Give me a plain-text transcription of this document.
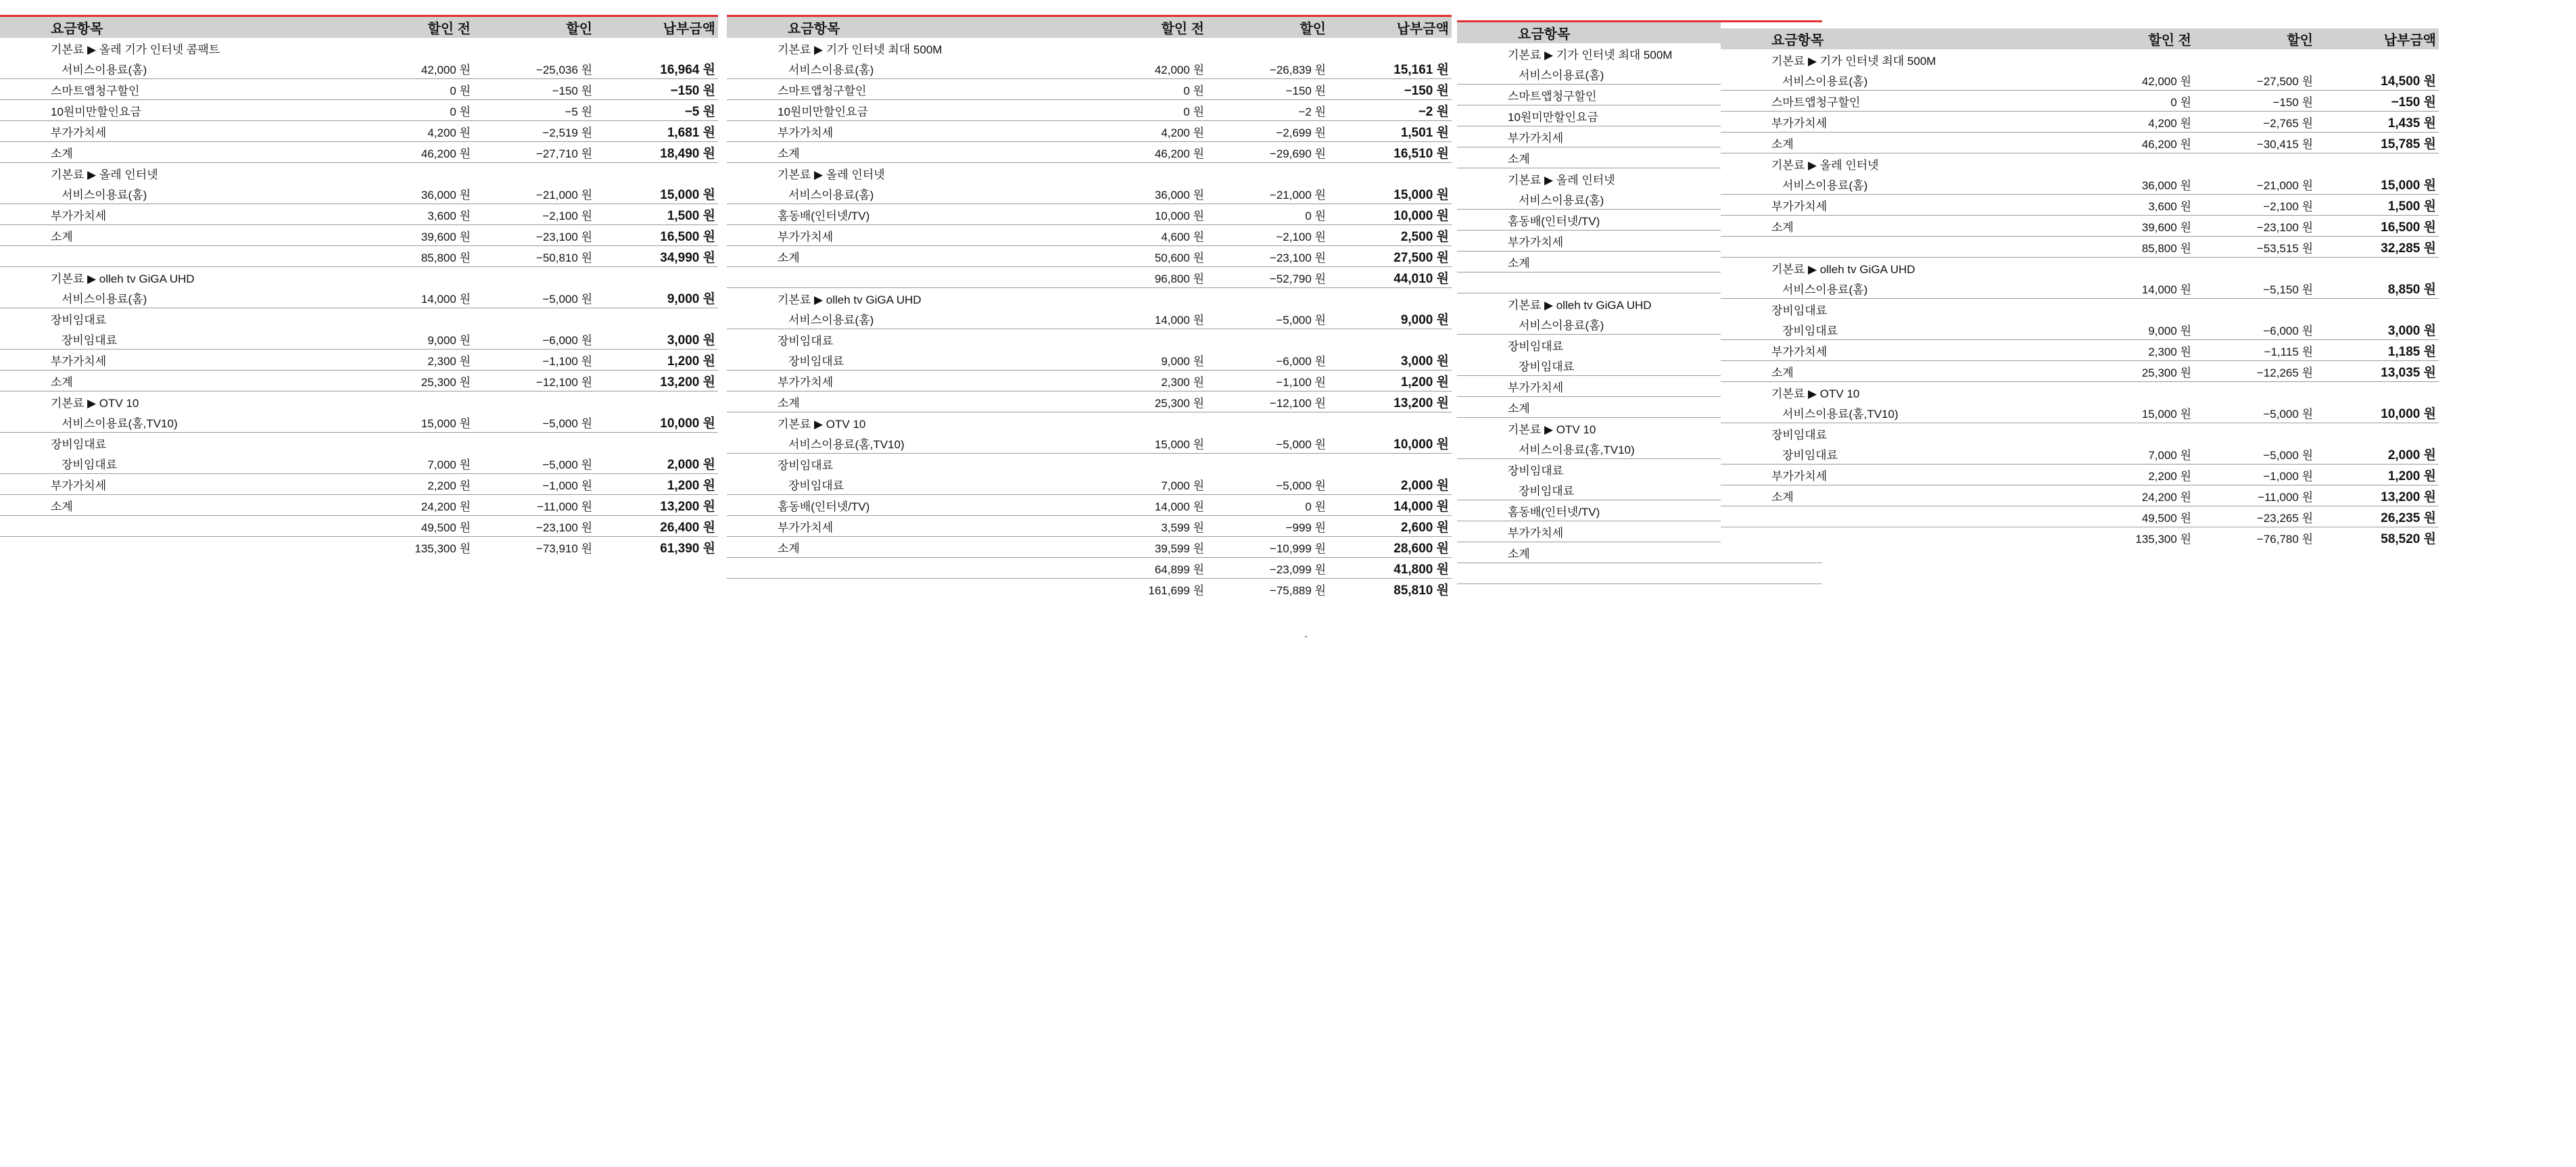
요금항목	할인 전	할인	납부금액
기본료 ▶ 올레 기가 인터넷 콤팩트			
서비스이용료(홈)	42,000 원	−25,036 원	16,964 원
스마트앱청구할인	0 원	−150 원	−150 원
10원미만할인요금	0 원	−5 원	−5 원
부가가치세	4,200 원	−2,519 원	1,681 원
소계	46,200 원	−27,710 원	18,490 원
기본료 ▶ 올레 인터넷			
서비스이용료(홈)	36,000 원	−21,000 원	15,000 원
부가가치세	3,600 원	−2,100 원	1,500 원
소계	39,600 원	−23,100 원	16,500 원
	85,800 원	−50,810 원	34,990 원
기본료 ▶ olleh tv GiGA UHD			
서비스이용료(홈)	14,000 원	−5,000 원	9,000 원
장비임대료			
장비임대료	9,000 원	−6,000 원	3,000 원
부가가치세	2,300 원	−1,100 원	1,200 원
소계	25,300 원	−12,100 원	13,200 원
기본료 ▶ OTV 10			
서비스이용료(홈,TV10)	15,000 원	−5,000 원	10,000 원
장비임대료			
장비임대료	7,000 원	−5,000 원	2,000 원
부가가치세	2,200 원	−1,000 원	1,200 원
소계	24,200 원	−11,000 원	13,200 원
	49,500 원	−23,100 원	26,400 원
	135,300 원	−73,910 원	61,390 원
요금항목	할인 전	할인	납부금액
기본료 ▶ 기가 인터넷 최대 500M			
서비스이용료(홈)	42,000 원	−26,839 원	15,161 원
스마트앱청구할인	0 원	−150 원	−150 원
10원미만할인요금	0 원	−2 원	−2 원
부가가치세	4,200 원	−2,699 원	1,501 원
소계	46,200 원	−29,690 원	16,510 원
기본료 ▶ 올레 인터넷			
서비스이용료(홈)	36,000 원	−21,000 원	15,000 원
홈동배(인터넷/TV)	10,000 원	0 원	10,000 원
부가가치세	4,600 원	−2,100 원	2,500 원
소계	50,600 원	−23,100 원	27,500 원
	96,800 원	−52,790 원	44,010 원
기본료 ▶ olleh tv GiGA UHD			
서비스이용료(홈)	14,000 원	−5,000 원	9,000 원
장비임대료			
장비임대료	9,000 원	−6,000 원	3,000 원
부가가치세	2,300 원	−1,100 원	1,200 원
소계	25,300 원	−12,100 원	13,200 원
기본료 ▶ OTV 10			
서비스이용료(홈,TV10)	15,000 원	−5,000 원	10,000 원
장비임대료			
장비임대료	7,000 원	−5,000 원	2,000 원
홈동배(인터넷/TV)	14,000 원	0 원	14,000 원
부가가치세	3,599 원	−999 원	2,600 원
소계	39,599 원	−10,999 원	28,600 원
	64,899 원	−23,099 원	41,800 원
	161,699 원	−75,889 원	85,810 원
요금항목			
기본료 ▶ 기가 인터넷 최대 500M			
서비스이용료(홈)			
스마트앱청구할인			
10원미만할인요금			
부가가치세			
소계			
기본료 ▶ 올레 인터넷			
서비스이용료(홈)			
홈동배(인터넷/TV)			
부가가치세			
소계			

기본료 ▶ olleh tv GiGA UHD			
서비스이용료(홈)			
장비임대료			
장비임대료			
부가가치세			
소계			
기본료 ▶ OTV 10			
서비스이용료(홈,TV10)			
장비임대료			
장비임대료			
홈동배(인터넷/TV)			
부가가치세			
소계			

요금항목	할인 전	할인	납부금액
기본료 ▶ 기가 인터넷 최대 500M			
서비스이용료(홈)	42,000 원	−27,500 원	14,500 원
스마트앱청구할인	0 원	−150 원	−150 원
부가가치세	4,200 원	−2,765 원	1,435 원
소계	46,200 원	−30,415 원	15,785 원
기본료 ▶ 올레 인터넷			
서비스이용료(홈)	36,000 원	−21,000 원	15,000 원
부가가치세	3,600 원	−2,100 원	1,500 원
소계	39,600 원	−23,100 원	16,500 원
	85,800 원	−53,515 원	32,285 원
기본료 ▶ olleh tv GiGA UHD			
서비스이용료(홈)	14,000 원	−5,150 원	8,850 원
장비임대료			
장비임대료	9,000 원	−6,000 원	3,000 원
부가가치세	2,300 원	−1,115 원	1,185 원
소계	25,300 원	−12,265 원	13,035 원
기본료 ▶ OTV 10			
서비스이용료(홈,TV10)	15,000 원	−5,000 원	10,000 원
장비임대료			
장비임대료	7,000 원	−5,000 원	2,000 원
부가가치세	2,200 원	−1,000 원	1,200 원
소계	24,200 원	−11,000 원	13,200 원
	49,500 원	−23,265 원	26,235 원
	135,300 원	−76,780 원	58,520 원
